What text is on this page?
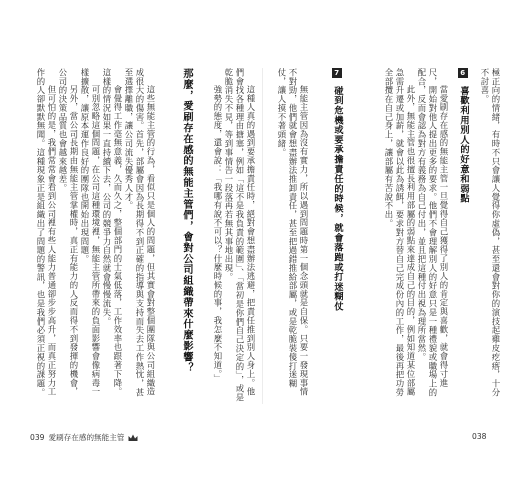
極正向的情緒，有時不只會讓人覺得你虛偽，甚至還會對你的演技起雞皮疙瘩，十分不討喜。
6 喜歡利用別人的好意和弱點
當愛刷存在感的無能主管一旦覺得自己獲得了別人的肯定與喜歡，就會得寸進尺，開始對他人提出更多的要求。他們不會理解別人的好意只是一種禮貌或職場上的配合，反而會認為對方有義務為自己付出，並且把這種付出視為理所當然。
此外，無能主管也很擅長利用部屬的弱點來達成自己的目的，例如知道某位部屬急需升遷或加薪，就會以此為誘餌，要求對方替自己完成份內的工作，最後再把功勞全部攬在自己身上，讓部屬有苦說不出。
7 碰到危機或要承擔責任的時候，就會落跑或打迷糊仗
無能主管因為沒有實力，所以遇到問題時第一個念頭就是自保。只要一發現事情不對勁，他們就會想盡辦法推卸責任，甚至把過錯推給部屬，或是乾脆裝傻打迷糊仗，讓人摸不著頭緒。
這種人真的遇到要承擔責任時，絕對會想盡辦法逃避，把責任推到別人身上。他們會找各種理由搪塞，例如「這不是我負責的範圍」、「當初是你們自己決定的」，或是乾脆消失不見，等到事情告一段落再若無其事地出現。
強勢的態度，還會說：「我哪有說不可以？什麼時候的事，我怎麼不知道。」
那麼，愛刷存在感的無能主管們，會對公司組織帶來什麼影響？
這些無能主管的行為，看似只是個人的問題，但其實會對整個團隊與公司組織造成很大的傷害。首先，部屬會因為長期得不到正確的指導與支持而失去工作熱忱，甚至選擇離職，讓公司流失優秀人才。
會覺得工作毫無意義，久而久之，整個部門的士氣低落，工作效率也跟著下降。這樣的情況如果一直持續下去，公司的競爭力自然就會慢慢流失。
可別忽略這個問題，在公司這種環境裡，無能主管所帶來的負面影響會像病毒一樣擴散，讓原本運作良好的團隊也開始出現問題。
另外，當公司長期由無能主管掌權時，真正有能力的人反而得不到發揮的機會，公司的決策品質也會越來越差。
但可怕的是，我們常常會看到公司裡有些人能力普通卻步步高升，而真正努力工作的人卻默默無聞。這種現象正是組織出了問題的警訊，也是我們必須正視的課題。
039 愛刷存在感的無能主管	038
